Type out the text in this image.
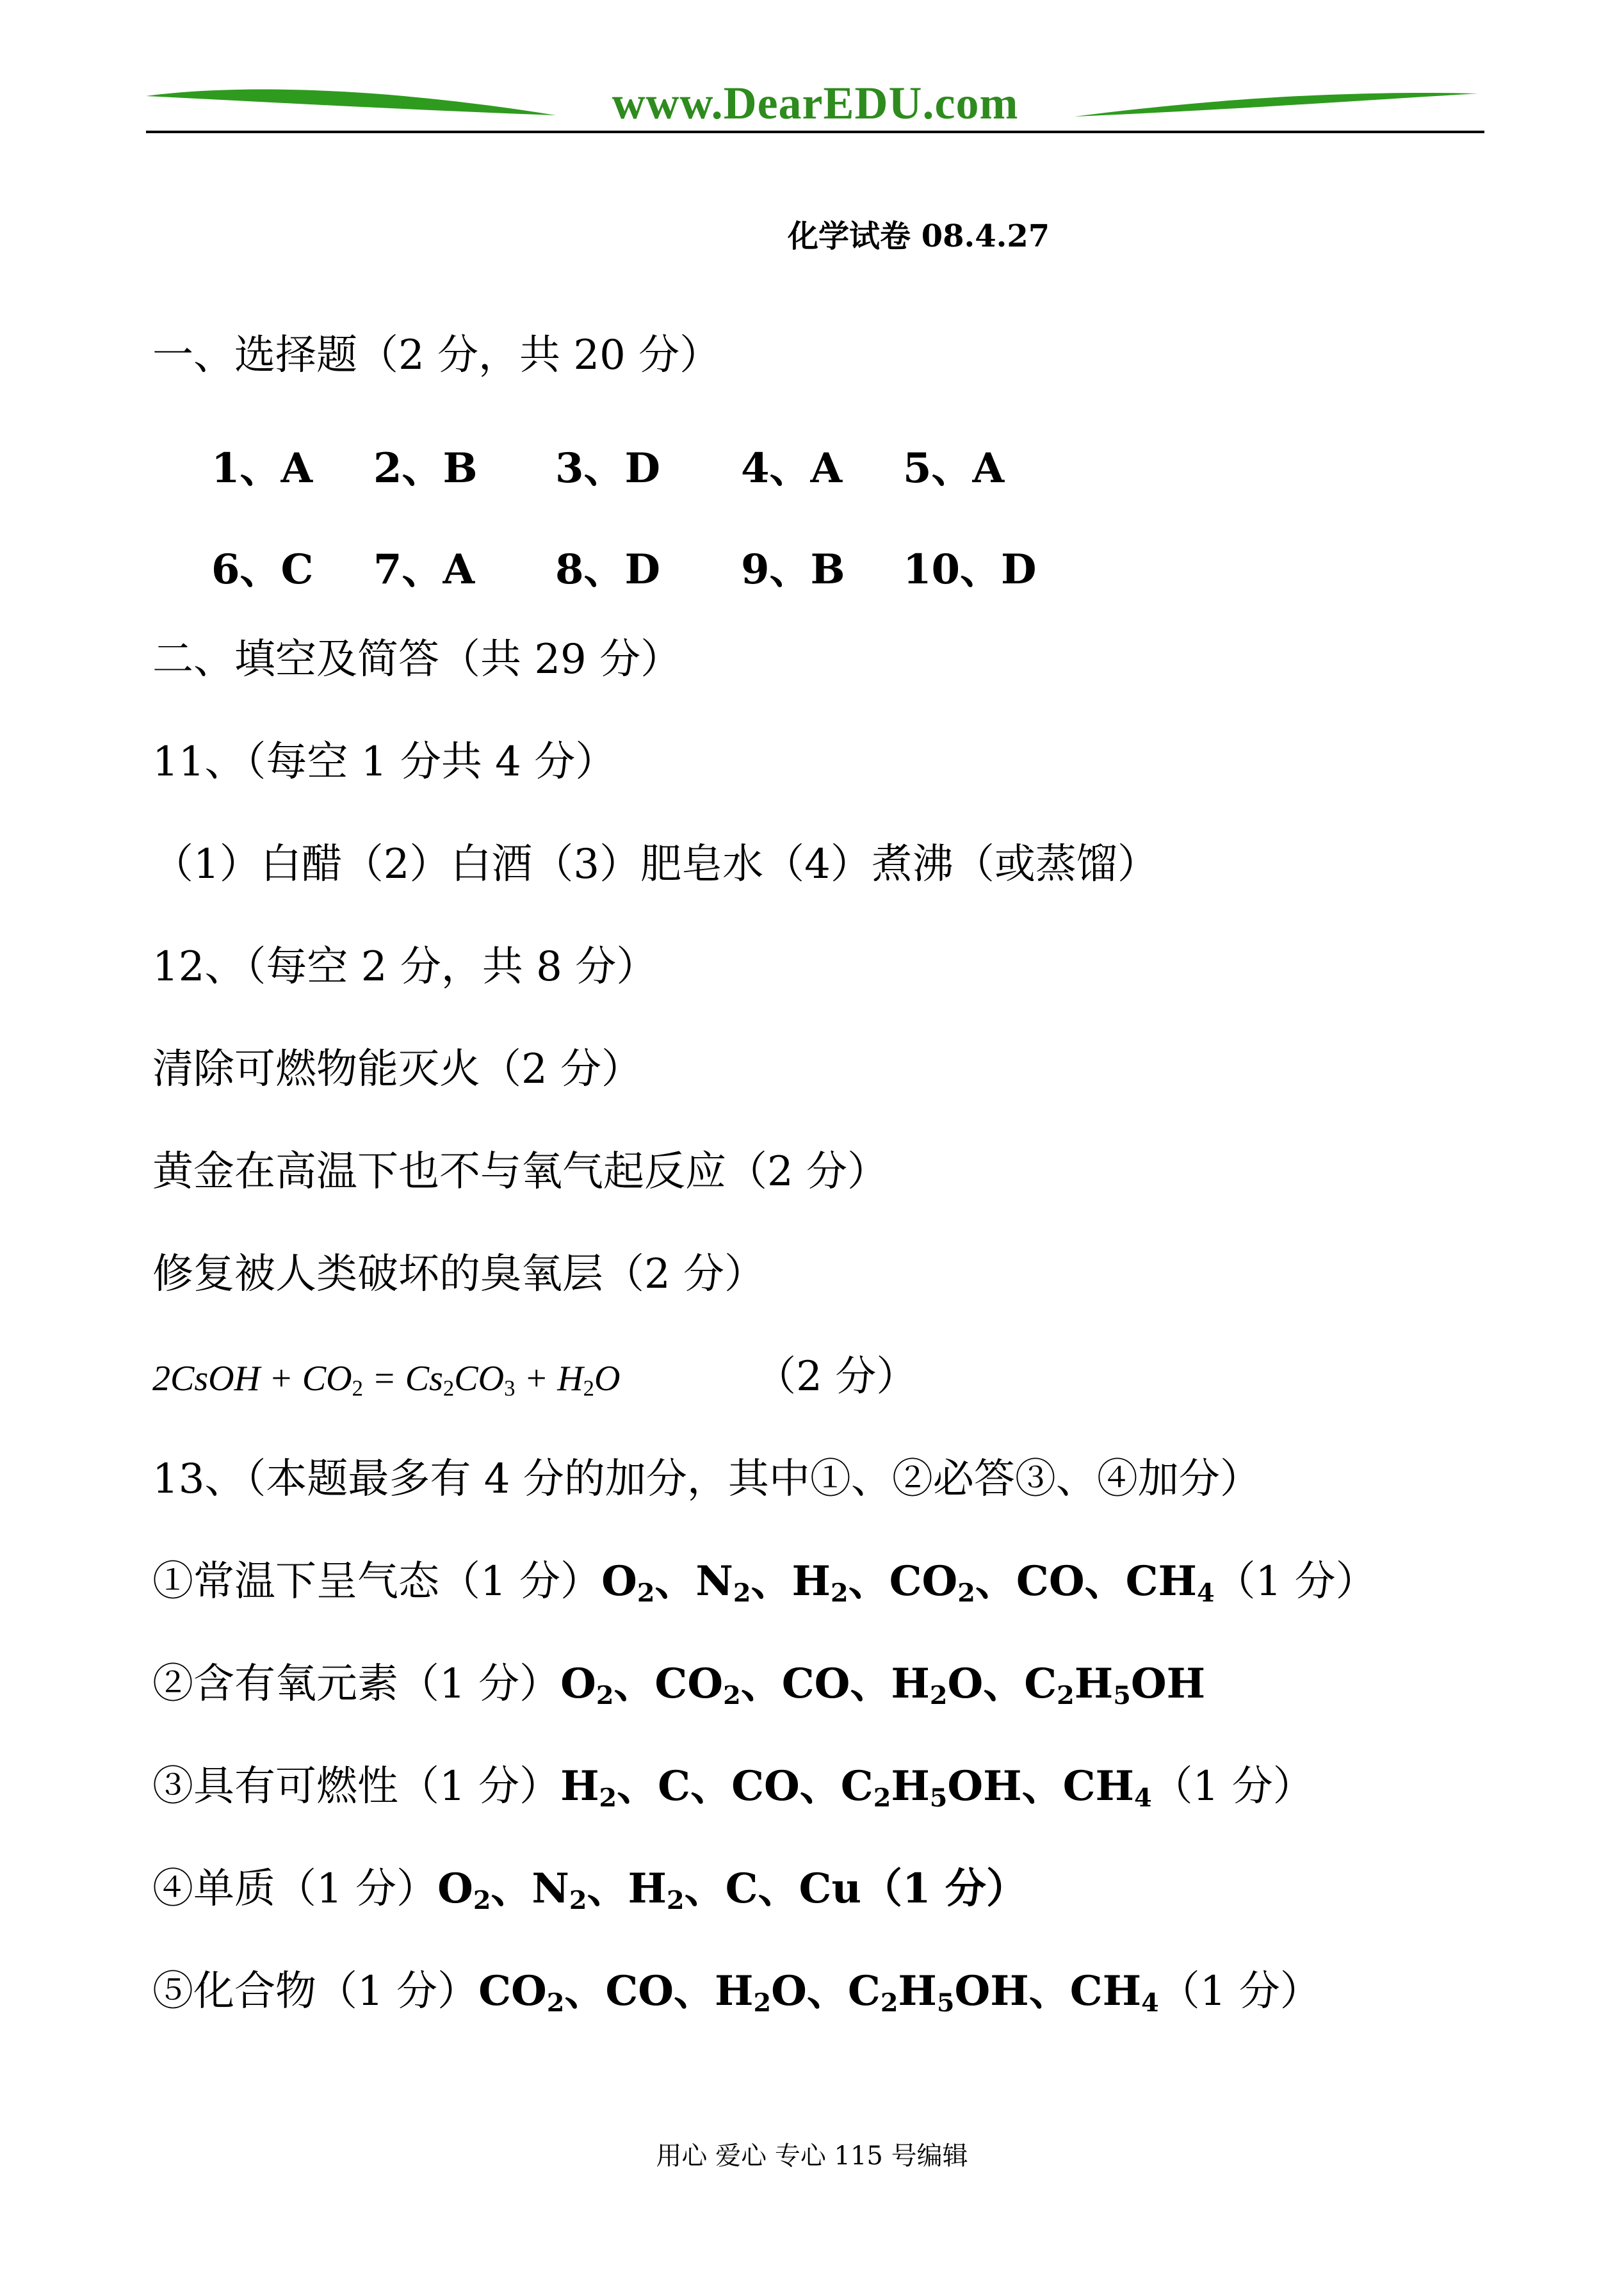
www.DearEDU.com
化学试卷 08.4.27
一、选择题（2 分，共 20 分）
1、A 2、B 3、D 4、A 5、A
6、C 7、A 8、D 9、B 10、D
二、填空及简答（共 29 分）
11、（每空 1 分共 4 分）
（1）白醋（2）白酒（3）肥皂水（4）煮沸（或蒸馏）
12、（每空 2 分，共 8 分）
清除可燃物能灭火（2 分）
黄金在高温下也不与氧气起反应（2 分）
修复被人类破坏的臭氧层（2 分）
2CsOH + $CO_2 = Cs_2CO_3 + H_2O$	（2 分）
13、（本题最多有 4 分的加分，其中①、②必答③、④加分）
①常温下呈气态（1 分）$O_2$、$N_2$、$H_2$、$CO_2$、CO、$CH_4(1$ 分）
②含有氧元素（1 分）$O_2$、$CO_2$、CO、$H_2O$、$C_2H_5OH$
③具有可燃性（1 分）$H_2$、C、CO、$C_2H_5OH$、$CH_4(1$ 分）
④单质（1 分）$O_2$、$N_2$、$H_2$、C、Cu（1 分）
⑤化合物（1 分）$CO_2$、CO、$H_2O$、$C_2H_5OH$、$CH_4(1$ 分）
用心 爱心 专心 115 号编辑
